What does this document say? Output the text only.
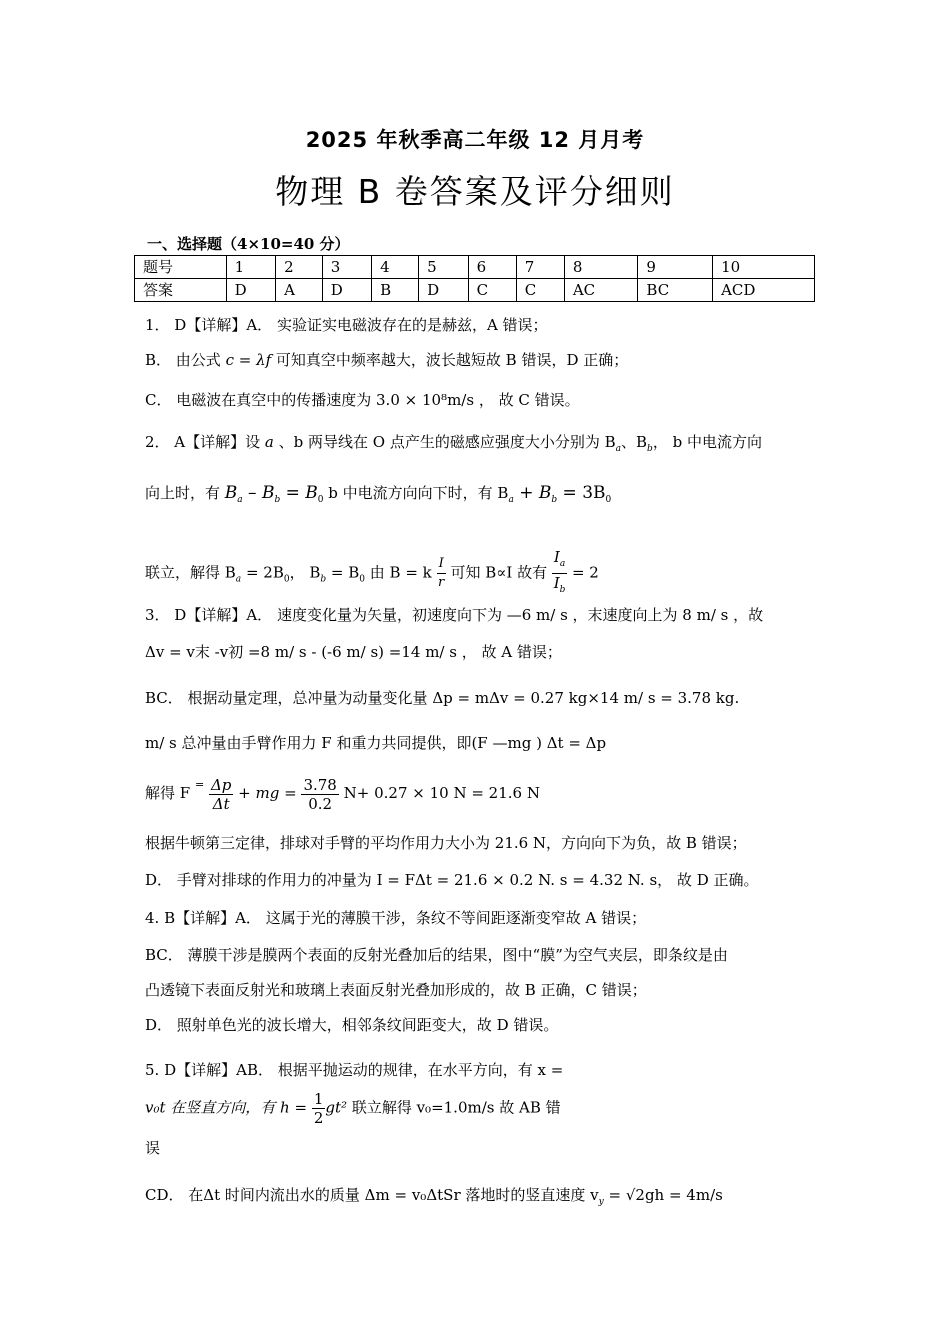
2025 年秋季高二年级 12 月月考
物理 B 卷答案及评分细则
一、选择题（4×10=40 分）
题号	1	2	3	4	5	6	7	8	9	10
答案	D	A	D	B	D	C	C	AC	BC	ACD
1． D【详解】A． 实验证实电磁波存在的是赫兹，A 错误；
B． 由公式 c = λf 可知真空中频率越大，波长越短故 B 错误，D 正确；
C． 电磁波在真空中的传播速度为 3.0 × 10⁸m/s ， 故 C 错误。
2． A【详解】设 a 、b 两导线在 O 点产生的磁感应强度大小分别为 $B_a$、$B_b$， b 中电流方向
向上时，有 $B_a - B_b = B_0$ b 中电流方向向下时，有 $B_a + B_b = 3B_0$
联立，解得 $B_a = 2B_0$， $B_b = B_0$ 由 B = k $\frac{I}{r}$ 可知 B∝I 故有 $\frac{I_a}{I_b} = 2$
3． D【详解】A． 速度变化量为矢量，初速度向下为 —6 m/ s ，末速度向上为 8 m/ s ，故
Δv = v末 -v初 =8 m/ s - (-6 m/ s) =14 m/ s ， 故 A 错误；
BC． 根据动量定理，总冲量为动量变化量 Δp = mΔv = 0.27 kg×14 m/ s = 3.78 kg.
m/ s 总冲量由手臂作用力 F 和重力共同提供，即(F —mg ) Δt = Δp
解得 F $^= \frac{\Delta p}{\Delta t}$ + mg = $\frac{3.78}{0.2} N+ 0.27 \times 10$ N = 21.6 N
根据牛顿第三定律，排球对手臂的平均作用力大小为 21.6 N，方向向下为负，故 B 错误；
D． 手臂对排球的作用力的冲量为 I = FΔt = 21.6 × 0.2 N. s = 4.32 N. s， 故 D 正确。
4. B【详解】A． 这属于光的薄膜干涉，条纹不等间距逐渐变窄故 A 错误；
BC． 薄膜干涉是膜两个表面的反射光叠加后的结果，图中“膜”为空气夹层，即条纹是由
凸透镜下表面反射光和玻璃上表面反射光叠加形成的，故 B 正确，C 错误；
D． 照射单色光的波长增大，相邻条纹间距变大，故 D 错误。
5. D【详解】AB． 根据平抛运动的规律，在水平方向，有 x =
v₀t 在竖直方向，有 $h = \frac{1}{2} gt^2$ 联立解得 v₀=1.0m/s 故 AB 错
误
CD． 在Δt 时间内流出水的质量 Δm = v₀ΔtSr 落地时的竖直速度 $v_y = √2gh = 4m/s$
